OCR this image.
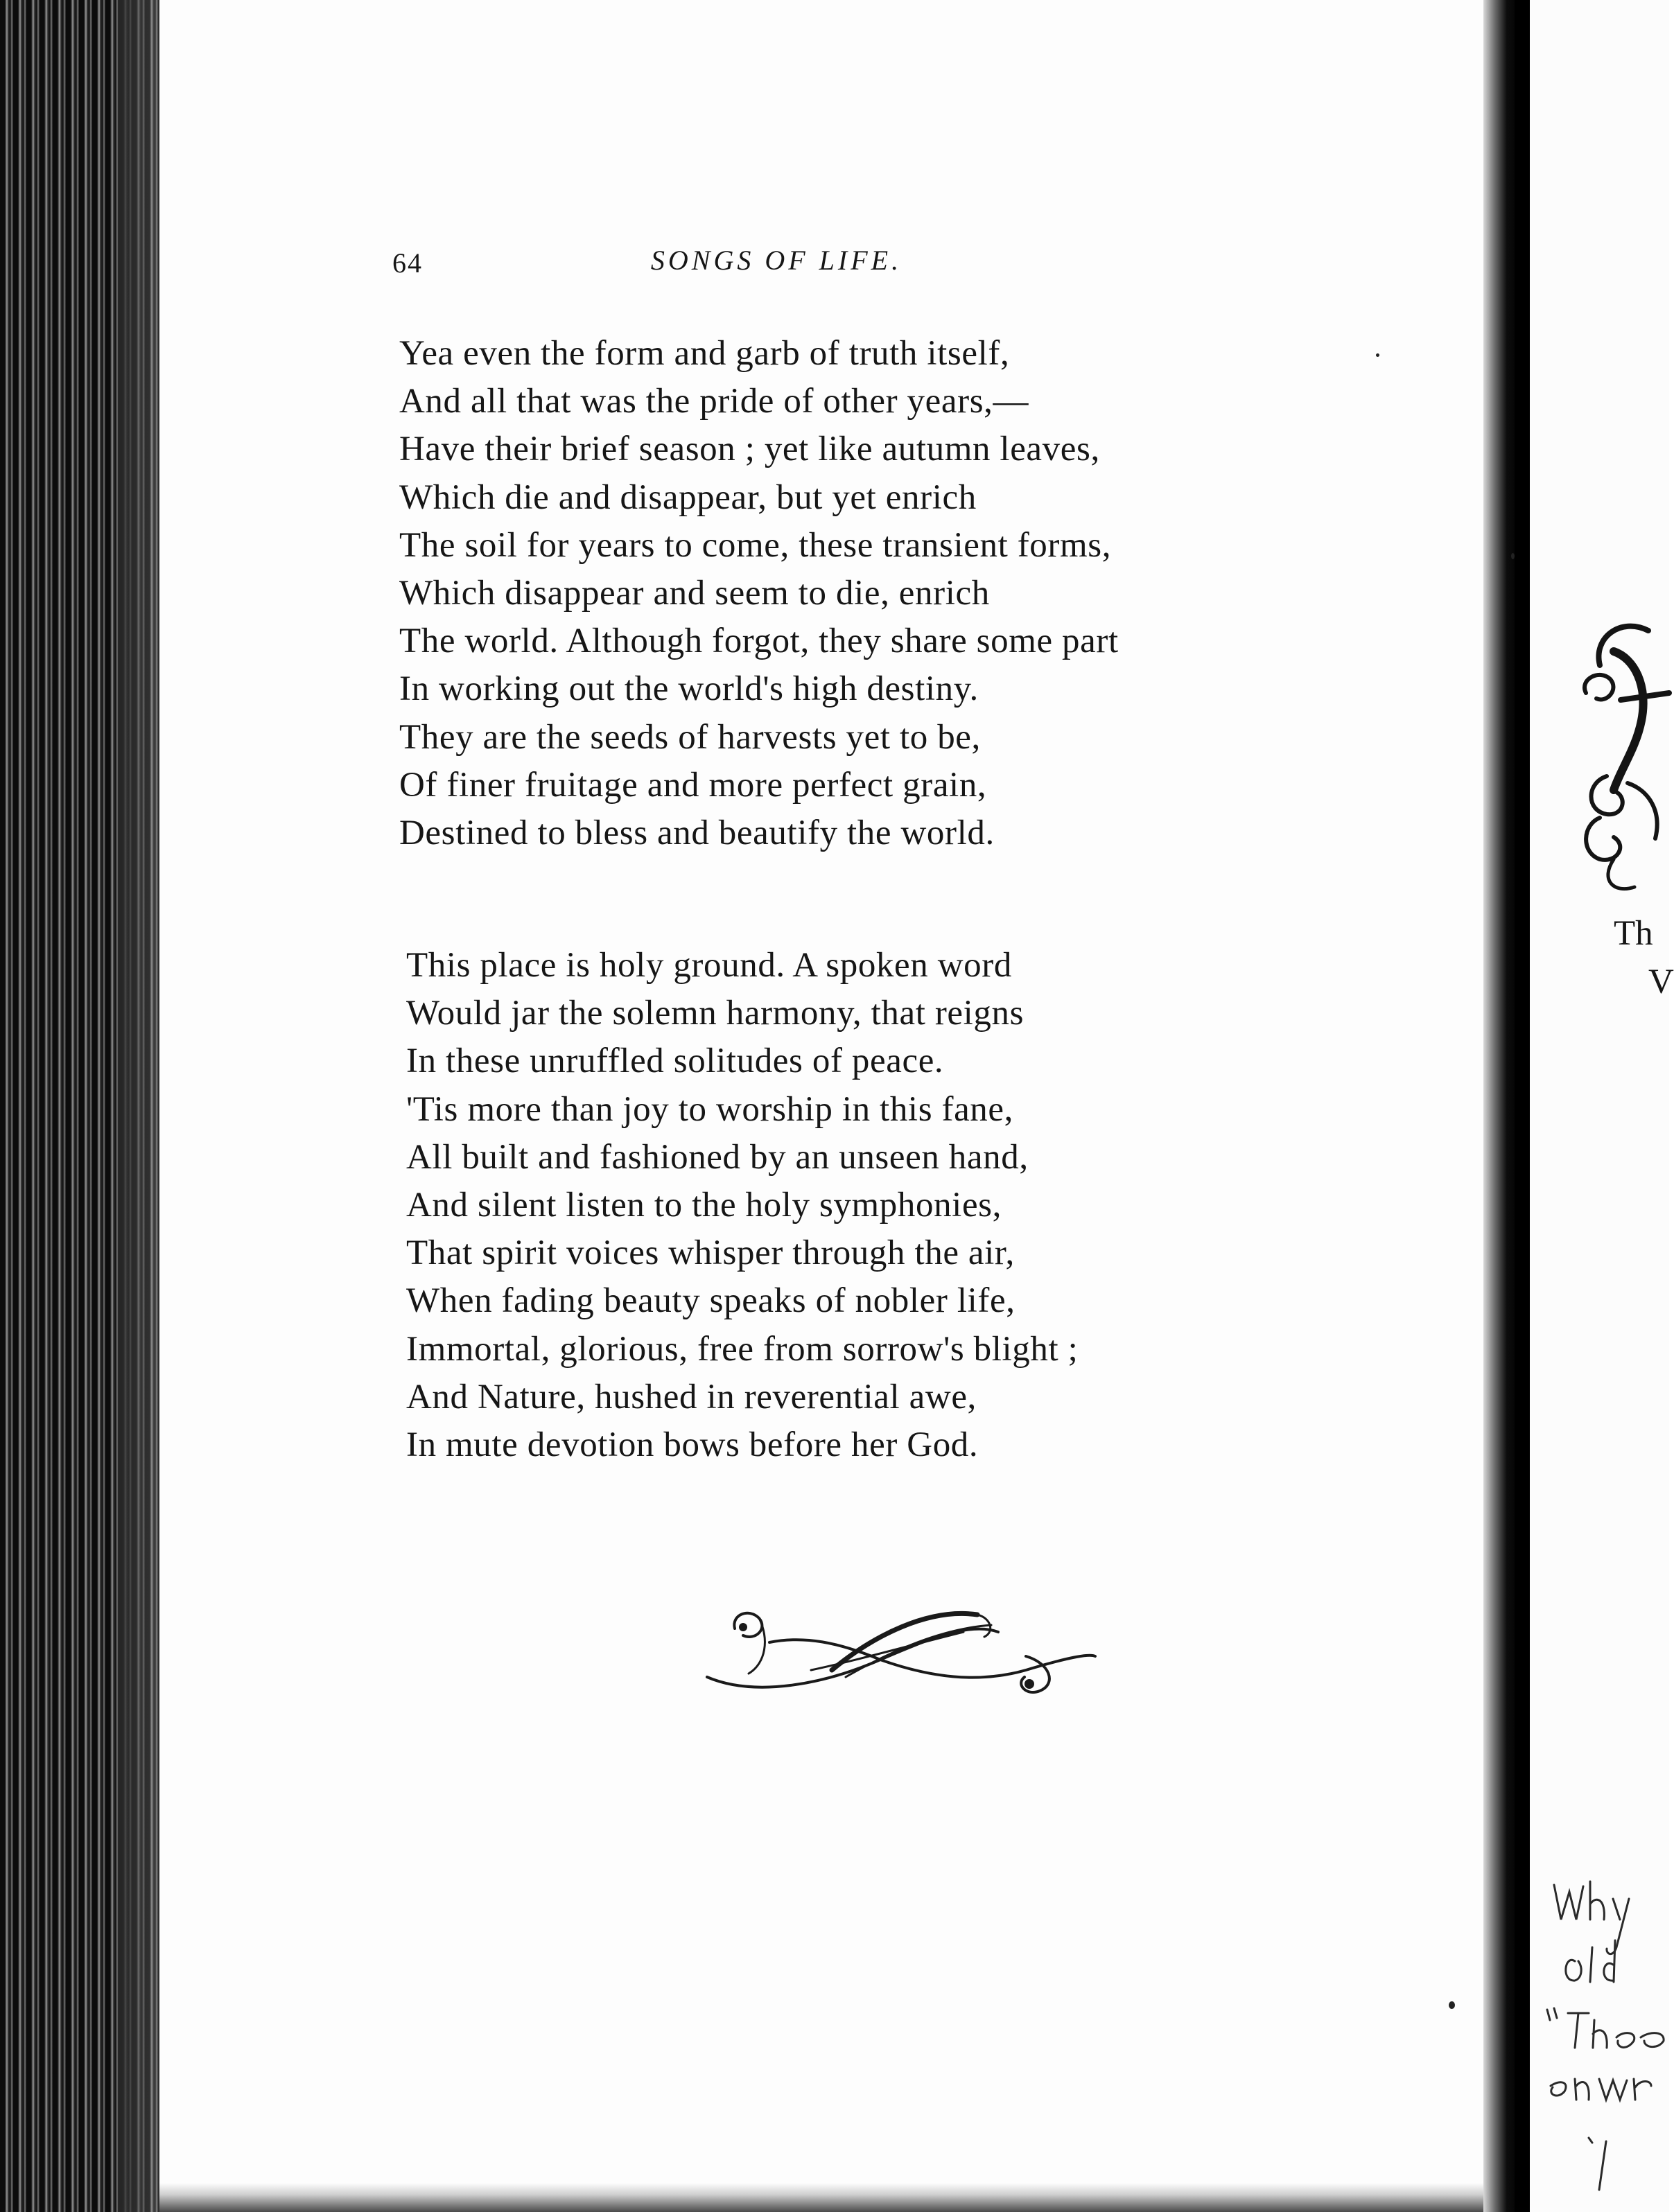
64	SONGS OF LIFE.
Yea even the form and garb of truth itself,
And all that was the pride of other years,—
Have their brief season ; yet like autumn leaves,
Which die and disappear, but yet enrich
The soil for years to come, these transient forms,
Which disappear and seem to die, enrich
The world. Although forgot, they share some part
In working out the world's high destiny.
They are the seeds of harvests yet to be,
Of finer fruitage and more perfect grain,
Destined to bless and beautify the world.
This place is holy ground. A spoken word
Would jar the solemn harmony, that reigns
In these unruffled solitudes of peace.
'Tis more than joy to worship in this fane,
All built and fashioned by an unseen hand,
And silent listen to the holy symphonies,
That spirit voices whisper through the air,
When fading beauty speaks of nobler life,
Immortal, glorious, free from sorrow's blight ;
And Nature, hushed in reverential awe,
In mute devotion bows before her God.
Th
V
